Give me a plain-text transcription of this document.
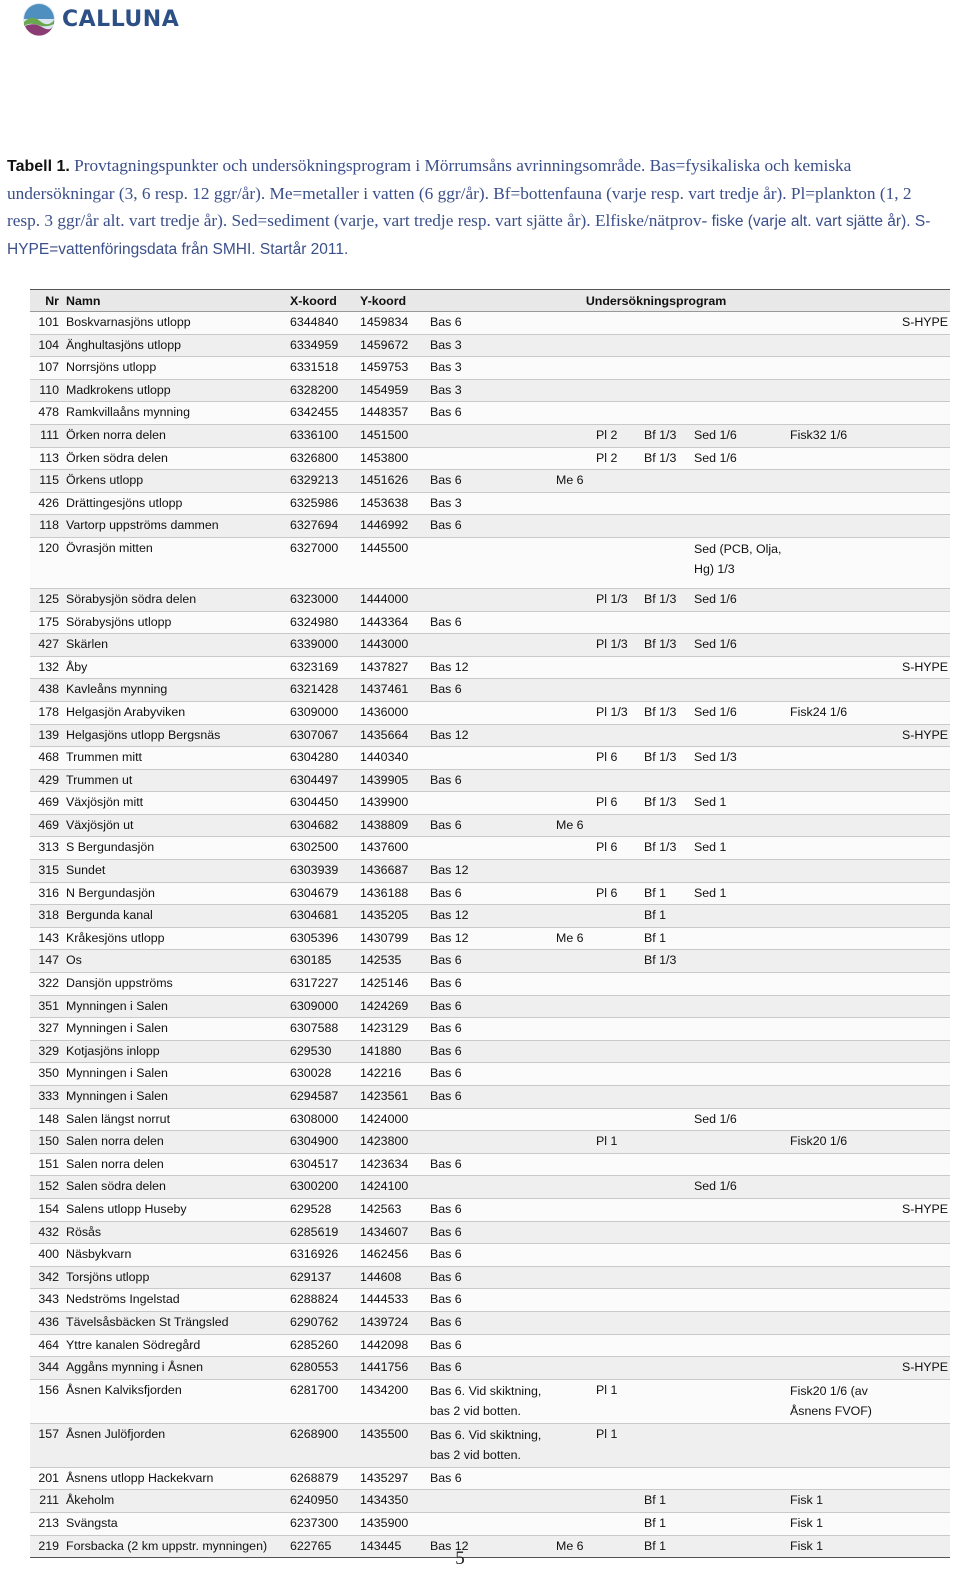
CALLUNA
Tabell 1. Provtagningspunkter och undersökningsprogram i Mörrumsåns avrinningsområde. Bas=fysikaliska och kemiska undersökningar (3, 6 resp. 12 ggr/år). Me=metaller i vatten (6 ggr/år). Bf=bottenfauna (varje resp. vart tredje år). Pl=plankton (1, 2 resp. 3 ggr/år alt. vart tredje år). Sed=sediment (varje, vart tredje resp. vart sjätte år). Elfiske/nätprov- fiske (varje alt. vart sjätte år). S-HYPE=vattenföringsdata från SMHI. Startår 2011.
Nr	Namn	X-koord	Y-koord	Undersökningsprogram						
101	Boskvarnasjöns utlopp	6344840	1459834	Bas 6						S-HYPE
104	Änghultasjöns utlopp	6334959	1459672	Bas 3						
107	Norrsjöns utlopp	6331518	1459753	Bas 3						
110	Madkrokens utlopp	6328200	1454959	Bas 3						
478	Ramkvillaåns mynning	6342455	1448357	Bas 6						
111	Örken norra delen	6336100	1451500			Pl 2	Bf 1/3	Sed 1/6	Fisk32 1/6	
113	Örken södra delen	6326800	1453800			Pl 2	Bf 1/3	Sed 1/6		
115	Örkens utlopp	6329213	1451626	Bas 6	Me 6					
426	Drättingesjöns utlopp	6325986	1453638	Bas 3						
118	Vartorp uppströms dammen	6327694	1446992	Bas 6						
120	Övrasjön mitten	6327000	1445500					Sed (PCB, Olja, Hg) 1/3		
125	Sörabysjön södra delen	6323000	1444000			Pl 1/3	Bf 1/3	Sed 1/6		
175	Sörabysjöns utlopp	6324980	1443364	Bas 6						
427	Skärlen	6339000	1443000			Pl 1/3	Bf 1/3	Sed 1/6		
132	Åby	6323169	1437827	Bas 12						S-HYPE
438	Kavleåns mynning	6321428	1437461	Bas 6						
178	Helgasjön Arabyviken	6309000	1436000			Pl 1/3	Bf 1/3	Sed 1/6	Fisk24 1/6	
139	Helgasjöns utlopp Bergsnäs	6307067	1435664	Bas 12						S-HYPE
468	Trummen mitt	6304280	1440340			Pl 6	Bf 1/3	Sed 1/3		
429	Trummen ut	6304497	1439905	Bas 6						
469	Växjösjön mitt	6304450	1439900			Pl 6	Bf 1/3	Sed 1		
469	Växjösjön ut	6304682	1438809	Bas 6	Me 6					
313	S Bergundasjön	6302500	1437600			Pl 6	Bf 1/3	Sed 1		
315	Sundet	6303939	1436687	Bas 12						
316	N Bergundasjön	6304679	1436188	Bas 6		Pl 6	Bf 1	Sed 1		
318	Bergunda kanal	6304681	1435205	Bas 12			Bf 1			
143	Kråkesjöns utlopp	6305396	1430799	Bas 12	Me 6		Bf 1			
147	Os	630185	142535	Bas 6			Bf 1/3			
322	Dansjön uppströms	6317227	1425146	Bas 6						
351	Mynningen i Salen	6309000	1424269	Bas 6						
327	Mynningen i Salen	6307588	1423129	Bas 6						
329	Kotjasjöns inlopp	629530	141880	Bas 6						
350	Mynningen i Salen	630028	142216	Bas 6						
333	Mynningen i Salen	6294587	1423561	Bas 6						
148	Salen längst norrut	6308000	1424000					Sed 1/6		
150	Salen norra delen	6304900	1423800			Pl 1			Fisk20 1/6	
151	Salen norra delen	6304517	1423634	Bas 6						
152	Salen södra delen	6300200	1424100					Sed 1/6		
154	Salens utlopp Huseby	629528	142563	Bas 6						S-HYPE
432	Rösås	6285619	1434607	Bas 6						
400	Näsbykvarn	6316926	1462456	Bas 6						
342	Torsjöns utlopp	629137	144608	Bas 6						
343	Nedströms Ingelstad	6288824	1444533	Bas 6						
436	Tävelsåsbäcken St Trängsled	6290762	1439724	Bas 6						
464	Yttre kanalen Södregård	6285260	1442098	Bas 6						
344	Aggåns mynning i Åsnen	6280553	1441756	Bas 6						S-HYPE
156	Åsnen Kalviksfjorden	6281700	1434200	Bas 6. Vid skiktning, bas 2 vid botten.		Pl 1			Fisk20 1/6 (av Åsnens FVOF)	
157	Åsnen Julöfjorden	6268900	1435500	Bas 6. Vid skiktning, bas 2 vid botten.		Pl 1				
201	Åsnens utlopp Hackekvarn	6268879	1435297	Bas 6						
211	Åkeholm	6240950	1434350				Bf 1		Fisk 1	
213	Svängsta	6237300	1435900				Bf 1		Fisk 1	
219	Forsbacka (2 km uppstr. mynningen)	622765	143445	Bas 12	Me 6		Bf 1		Fisk 1	
5
